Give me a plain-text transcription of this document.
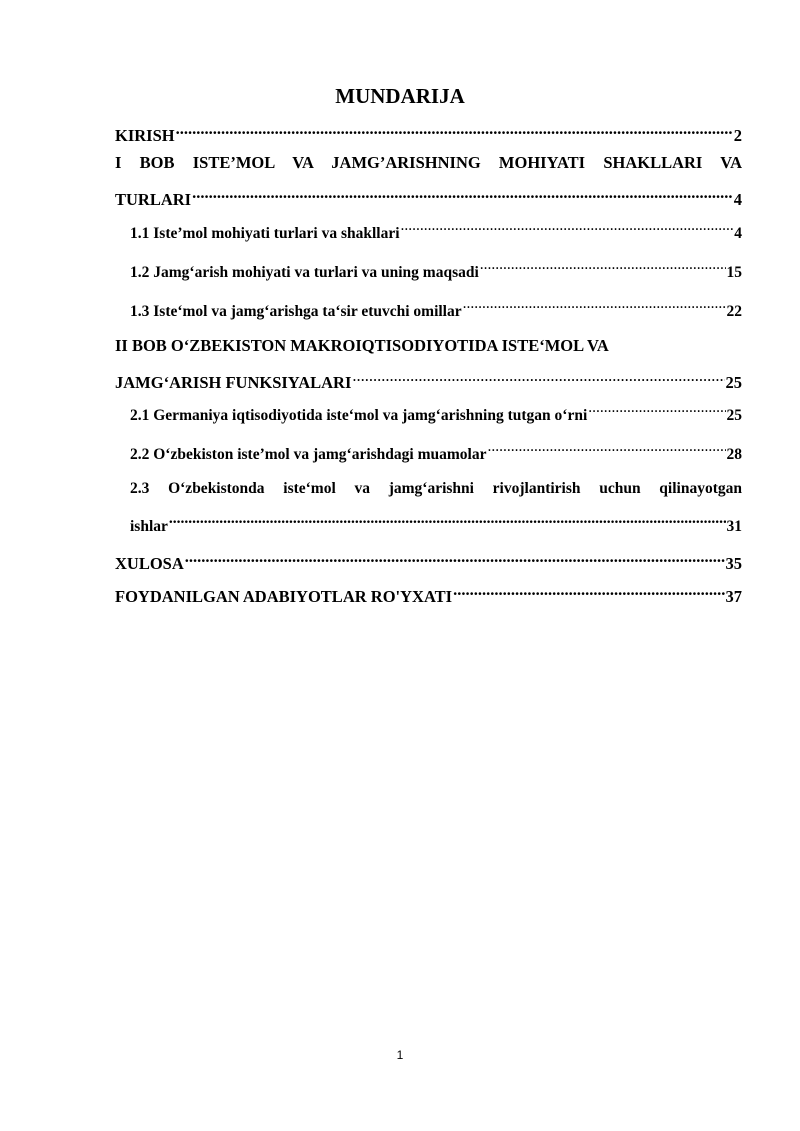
MUNDARIJA
KIRISH .....	2
I BOB ISTE’MOL VA JAMG’ARISHNING MOHIYATI SHAKLLARI VA
TURLARI .....	4
1.1 Iste’mol mohiyati turlari va shakllari .....	4
1.2 Jamg‘arish mohiyati va turlari va uning maqsadi .....	15
1.3 Iste‘mol va jamg‘arishga ta‘sir etuvchi omillar .....	22
II BOB O‘ZBEKISTON MAKROIQTISODIYOTIDA ISTE‘MOL VA
JAMG‘ARISH FUNKSIYALARI .....	25
2.1 Germaniya iqtisodiyotida iste‘mol va jamg‘arishning tutgan o‘rni .....	25
2.2 O‘zbekiston iste’mol va jamg‘arishdagi muamolar .....	28
2.3 O‘zbekistonda iste‘mol va jamg‘arishni rivojlantirish uchun qilinayotgan
ishlar .....	31
XULOSA .....	35
FOYDANILGAN ADABIYOTLAR RO'YXATI .....	37
1
